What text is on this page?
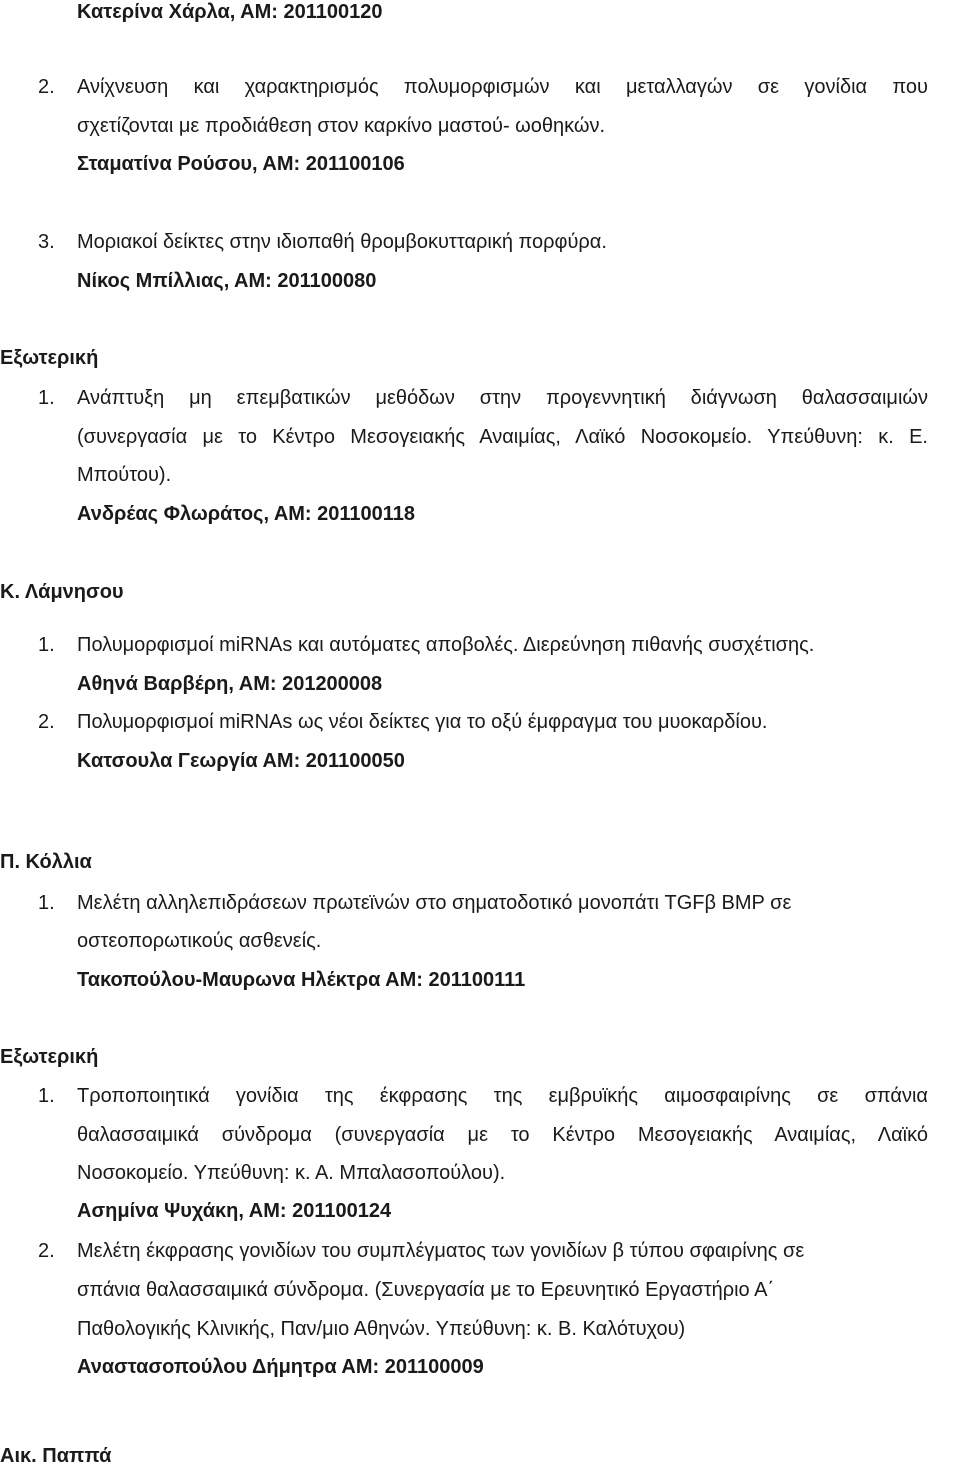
Κατερίνα Χάρλα, ΑΜ: 201100120
2. Ανίχνευση και χαρακτηρισμός πολυμορφισμών και μεταλλαγών σε γονίδια που
σχετίζονται με προδιάθεση στον καρκίνο μαστού- ωοθηκών.
Σταματίνα Ρούσου, ΑΜ: 201100106
3. Μοριακοί δείκτες στην ιδιοπαθή θρομβοκυτταρική πορφύρα.
Νίκος Μπίλλιας, ΑΜ: 201100080
Εξωτερική
1. Ανάπτυξη μη επεμβατικών μεθόδων στην προγεννητική διάγνωση θαλασσαιμιών
(συνεργασία με το Κέντρο Μεσογειακής Αναιμίας, Λαϊκό Νοσοκομείο. Υπεύθυνη: κ. Ε.
Μπούτου).
Ανδρέας Φλωράτος, ΑΜ: 201100118
Κ. Λάμνησου
1. Πολυμορφισμοί miRNAs και αυτόματες αποβολές. Διερεύνηση πιθανής συσχέτισης.
Αθηνά Βαρβέρη, ΑΜ: 201200008
2. Πολυμορφισμοί miRNAs ως νέοι δείκτες για το οξύ έμφραγμα του μυοκαρδίου.
Κατσουλα Γεωργία ΑΜ: 201100050
Π. Κόλλια
1. Μελέτη αλληλεπιδράσεων πρωτεϊνών στο σηματοδοτικό μονοπάτι TGFβ BMP σε
οστεοπορωτικούς ασθενείς.
Τακοπούλου-Μαυρωνα Ηλέκτρα ΑΜ: 201100111
Εξωτερική
1. Τροποποιητικά γονίδια της έκφρασης της εμβρυϊκής αιμοσφαιρίνης σε σπάνια
θαλασσαιμικά σύνδρομα (συνεργασία με το Κέντρο Μεσογειακής Αναιμίας, Λαϊκό
Νοσοκομείο. Υπεύθυνη: κ. Α. Μπαλασοπούλου).
Ασημίνα Ψυχάκη, ΑΜ: 201100124
2. Μελέτη έκφρασης γονιδίων του συμπλέγματος των γονιδίων β τύπου σφαιρίνης σε
σπάνια θαλασσαιμικά σύνδρομα. (Συνεργασία με το Ερευνητικό Εργαστήριο Α΄
Παθολογικής Κλινικής, Παν/μιο Αθηνών. Υπεύθυνη: κ. Β. Καλότυχου)
Αναστασοπούλου Δήμητρα ΑΜ: 201100009
Αικ. Παππά
